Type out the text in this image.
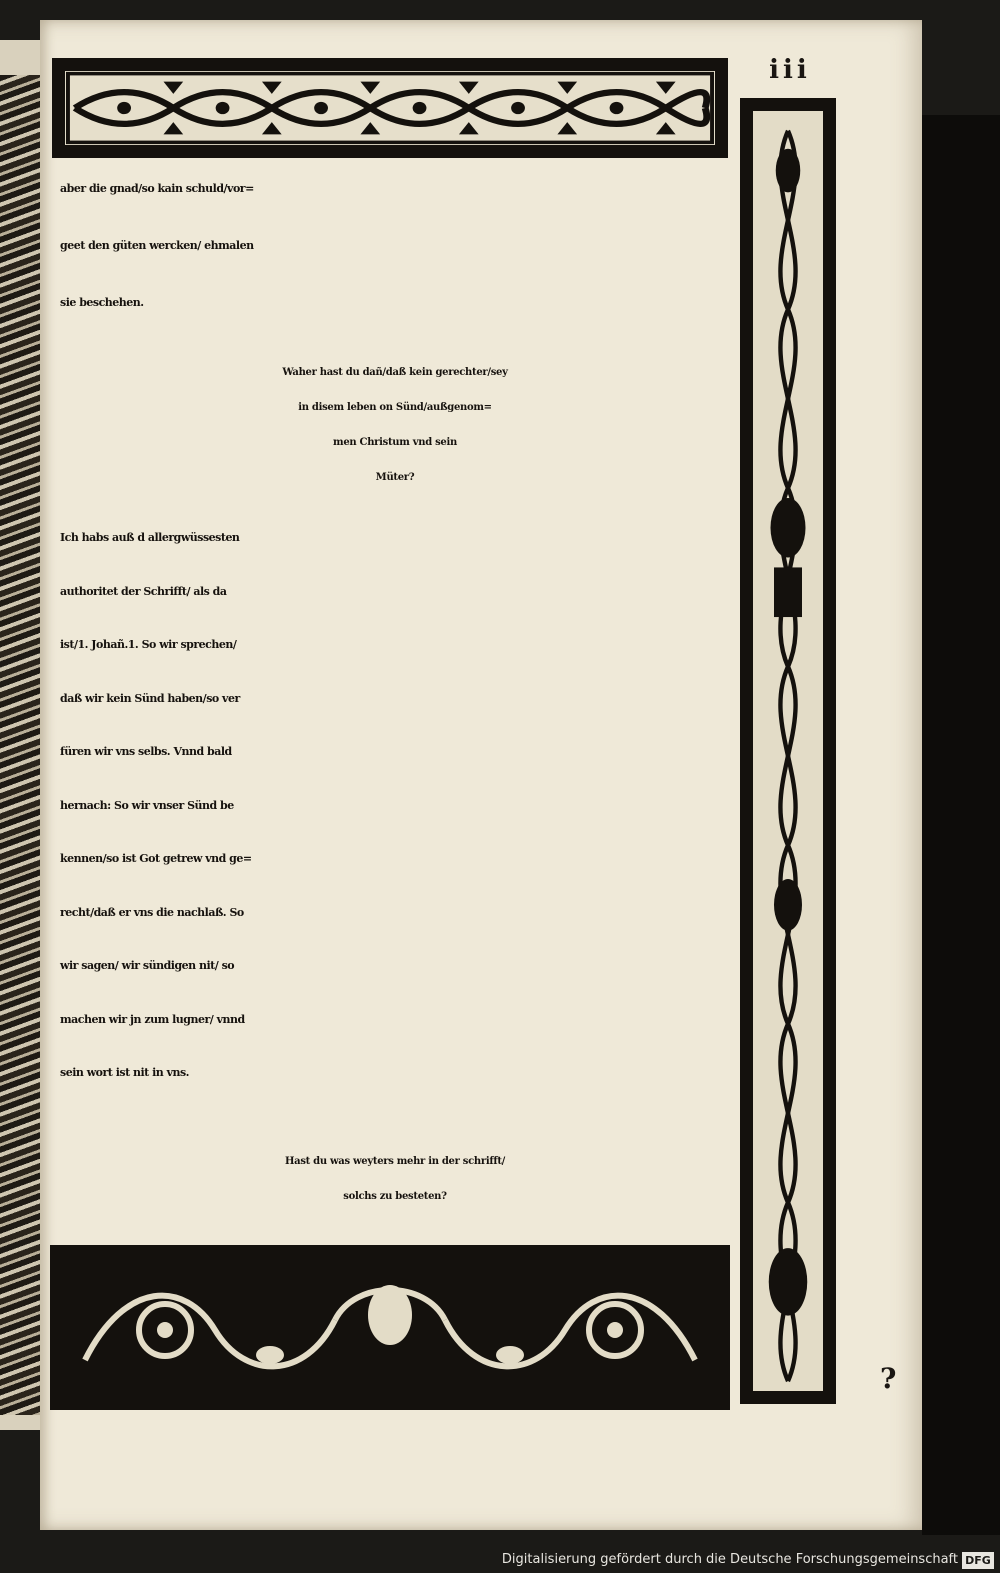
iii

aber die gnad/so kain schuld/vor=

geet den güten wercken/ ehmalen

sie beschehen.

Waher hast du dañ/daß kein gerechter/sey

in disem leben on Sünd/außgenom=

men Christum vnd sein

Müter?

Ich habs auß d allergwüssesten

authoritet der Schrifft/ als da

ist/1. Johañ.1. So wir sprechen/

daß wir kein Sünd haben/so ver

füren wir vns selbs. Vnnd bald

hernach: So wir vnser Sünd be

kennen/so ist Got getrew vnd ge=

recht/daß er vns die nachlaß. So

wir sagen/ wir sündigen nit/ so

machen wir jn zum lugner/ vnnd

sein wort ist nit in vns.

Hast du was weyters mehr in der schrifft/

solchs zu besteten?

?
Digitalisierung gefördert durch die Deutsche Forschungsgemeinschaft DFG
